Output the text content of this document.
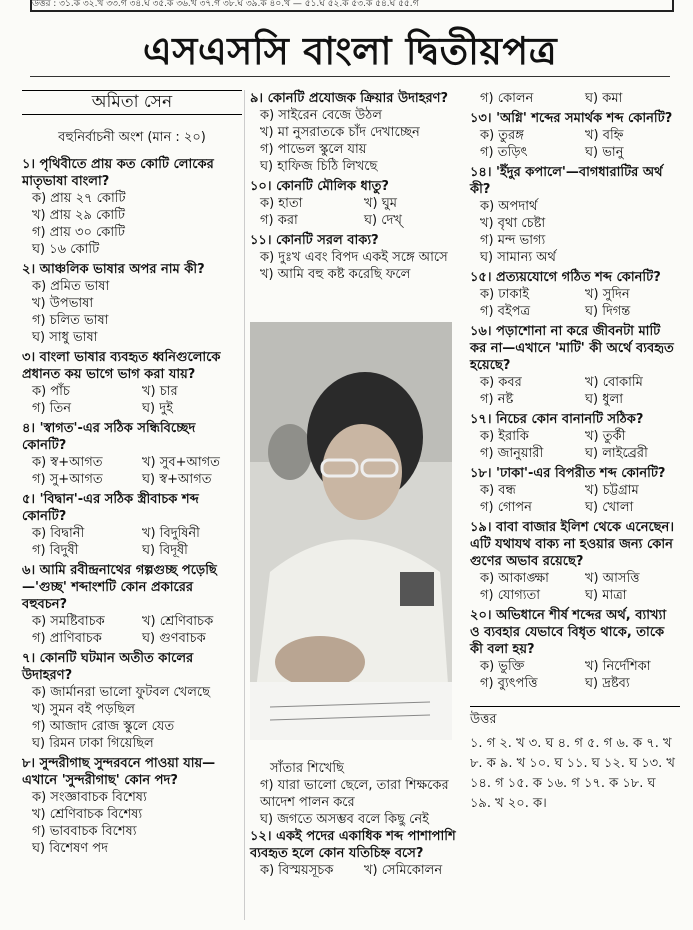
উত্তর : ৩১.ক ৩২.খ ৩৩.গ ৩৪.ঘ ৩৫.ক ৩৬.খ ৩৭.গ ৩৮.ঘ ৩৯.ক ৪০.খ — ৫১.ঘ ৫২.ক ৫৩.ক ৫৪.ঘ ৫৫.গ
এসএসসি বাংলা দ্বিতীয়পত্র
অমিতা সেন
বহুনির্বাচনী অংশ (মান : ২০)
১। পৃথিবীতে প্রায় কত কোটি লোকের মাতৃভাষা বাংলা?
ক) প্রায় ২৭ কোটি
খ) প্রায় ২৯ কোটি
গ) প্রায় ৩০ কোটি
ঘ) ১৬ কোটি
২। আঞ্চলিক ভাষার অপর নাম কী?
ক) প্রমিত ভাষা
খ) উপভাষা
গ) চলিত ভাষা
ঘ) সাধু ভাষা
৩। বাংলা ভাষার ব্যবহৃত ধ্বনিগুলোকে প্রধানত কয় ভাগে ভাগ করা যায়?
ক) পাঁচ	খ) চার
গ) তিন	ঘ) দুই
৪। 'স্বাগত'-এর সঠিক সন্ধিবিচ্ছেদ কোনটি?
ক) স্ব+আগত	খ) সুব+আগত
গ) সু+আগত	ঘ) স্ব+আগত
৫। 'বিদ্বান'-এর সঠিক স্ত্রীবাচক শব্দ কোনটি?
ক) বিদ্বানী	খ) বিদুষিনী
গ) বিদুষী	ঘ) বিদূষী
৬। আমি রবীন্দ্রনাথের গল্পগুচ্ছ পড়েছি—'গুচ্ছ' শব্দাংশটি কোন প্রকারের বহুবচন?
ক) সমষ্টিবাচক	খ) শ্রেণিবাচক
গ) প্রাণিবাচক	ঘ) গুণবাচক
৭। কোনটি ঘটমান অতীত কালের উদাহরণ?
ক) জার্মানরা ভালো ফুটবল খেলছে
খ) সুমন বই পড়ছিল
গ) আজাদ রোজ স্কুলে যেত
ঘ) রিমন ঢাকা গিয়েছিল
৮। সুন্দরীগাছ সুন্দরবনে পাওয়া যায়—এখানে 'সুন্দরীগাছ' কোন পদ?
ক) সংজ্ঞাবাচক বিশেষ্য
খ) শ্রেণিবাচক বিশেষ্য
গ) ভাববাচক বিশেষ্য
ঘ) বিশেষণ পদ
৯। কোনটি প্রযোজক ক্রিয়ার উদাহরণ?
ক) সাইরেন বেজে উঠল
খ) মা নুসরাতকে চাঁদ দেখাচ্ছেন
গ) পাভেল স্কুলে যায়
ঘ) হাফিজ চিঠি লিখছে
১০। কোনটি মৌলিক ধাতু?
ক) হাতা	খ) ঘুম
গ) করা	ঘ) দেখ্
১১। কোনটি সরল বাক্য?
ক) দুঃখ এবং বিপদ একই সঙ্গে আসে
খ) আমি বহু কষ্ট করেছি ফলে
সাঁতার শিখেছি
গ) যারা ভালো ছেলে, তারা শিক্ষকের আদেশ পালন করে
ঘ) জগতে অসম্ভব বলে কিছু নেই
১২। একই পদের একাধিক শব্দ পাশাপাশি ব্যবহৃত হলে কোন যতিচিহ্ন বসে?
ক) বিস্ময়সূচক	খ) সেমিকোলন
গ) কোলন	ঘ) কমা
১৩। 'অগ্নি' শব্দের সমার্থক শব্দ কোনটি?
ক) তুরঙ্গ	খ) বহ্নি
গ) তড়িৎ	ঘ) ভানু
১৪। 'ইঁদুর কপালে'—বাগধারাটির অর্থ কী?
ক) অপদার্থ
খ) বৃথা চেষ্টা
গ) মন্দ ভাগ্য
ঘ) সামান্য অর্থ
১৫। প্রত্যয়যোগে গঠিত শব্দ কোনটি?
ক) ঢাকাই	খ) সুদিন
গ) বইপত্র	ঘ) দিগন্ত
১৬। পড়াশোনা না করে জীবনটা মাটি কর না—এখানে 'মাটি' কী অর্থে ব্যবহৃত হয়েছে?
ক) কবর	খ) বোকামি
গ) নষ্ট	ঘ) ধুলা
১৭। নিচের কোন বানানটি সঠিক?
ক) ইরাকি	খ) তুর্কী
গ) জানুয়ারী	ঘ) লাইব্রেরী
১৮। 'ঢাকা'-এর বিপরীত শব্দ কোনটি?
ক) বন্ধ	খ) চট্টগ্রাম
গ) গোপন	ঘ) খোলা
১৯। বাবা বাজার ইলিশ থেকে এনেছেন। এটি যথাযথ বাক্য না হওয়ার জন্য কোন গুণের অভাব রয়েছে?
ক) আকাঙ্ক্ষা	খ) আসত্তি
গ) যোগ্যতা	ঘ) মাত্রা
২০। অভিধানে শীর্ষ শব্দের অর্থ, ব্যাখ্যা ও ব্যবহার যেভাবে বিধৃত থাকে, তাকে কী বলা হয়?
ক) ভুক্তি	খ) নির্দেশিকা
গ) ব্যুৎপত্তি	ঘ) দ্রষ্টব্য
উত্তর
১. গ ২. খ ৩. ঘ ৪. গ ৫. গ ৬. ক ৭. খ ৮. ক ৯. খ ১০. ঘ ১১. ঘ ১২. ঘ ১৩. খ ১৪. গ ১৫. ক ১৬. গ ১৭. ক ১৮. ঘ ১৯. খ ২০. ক।
